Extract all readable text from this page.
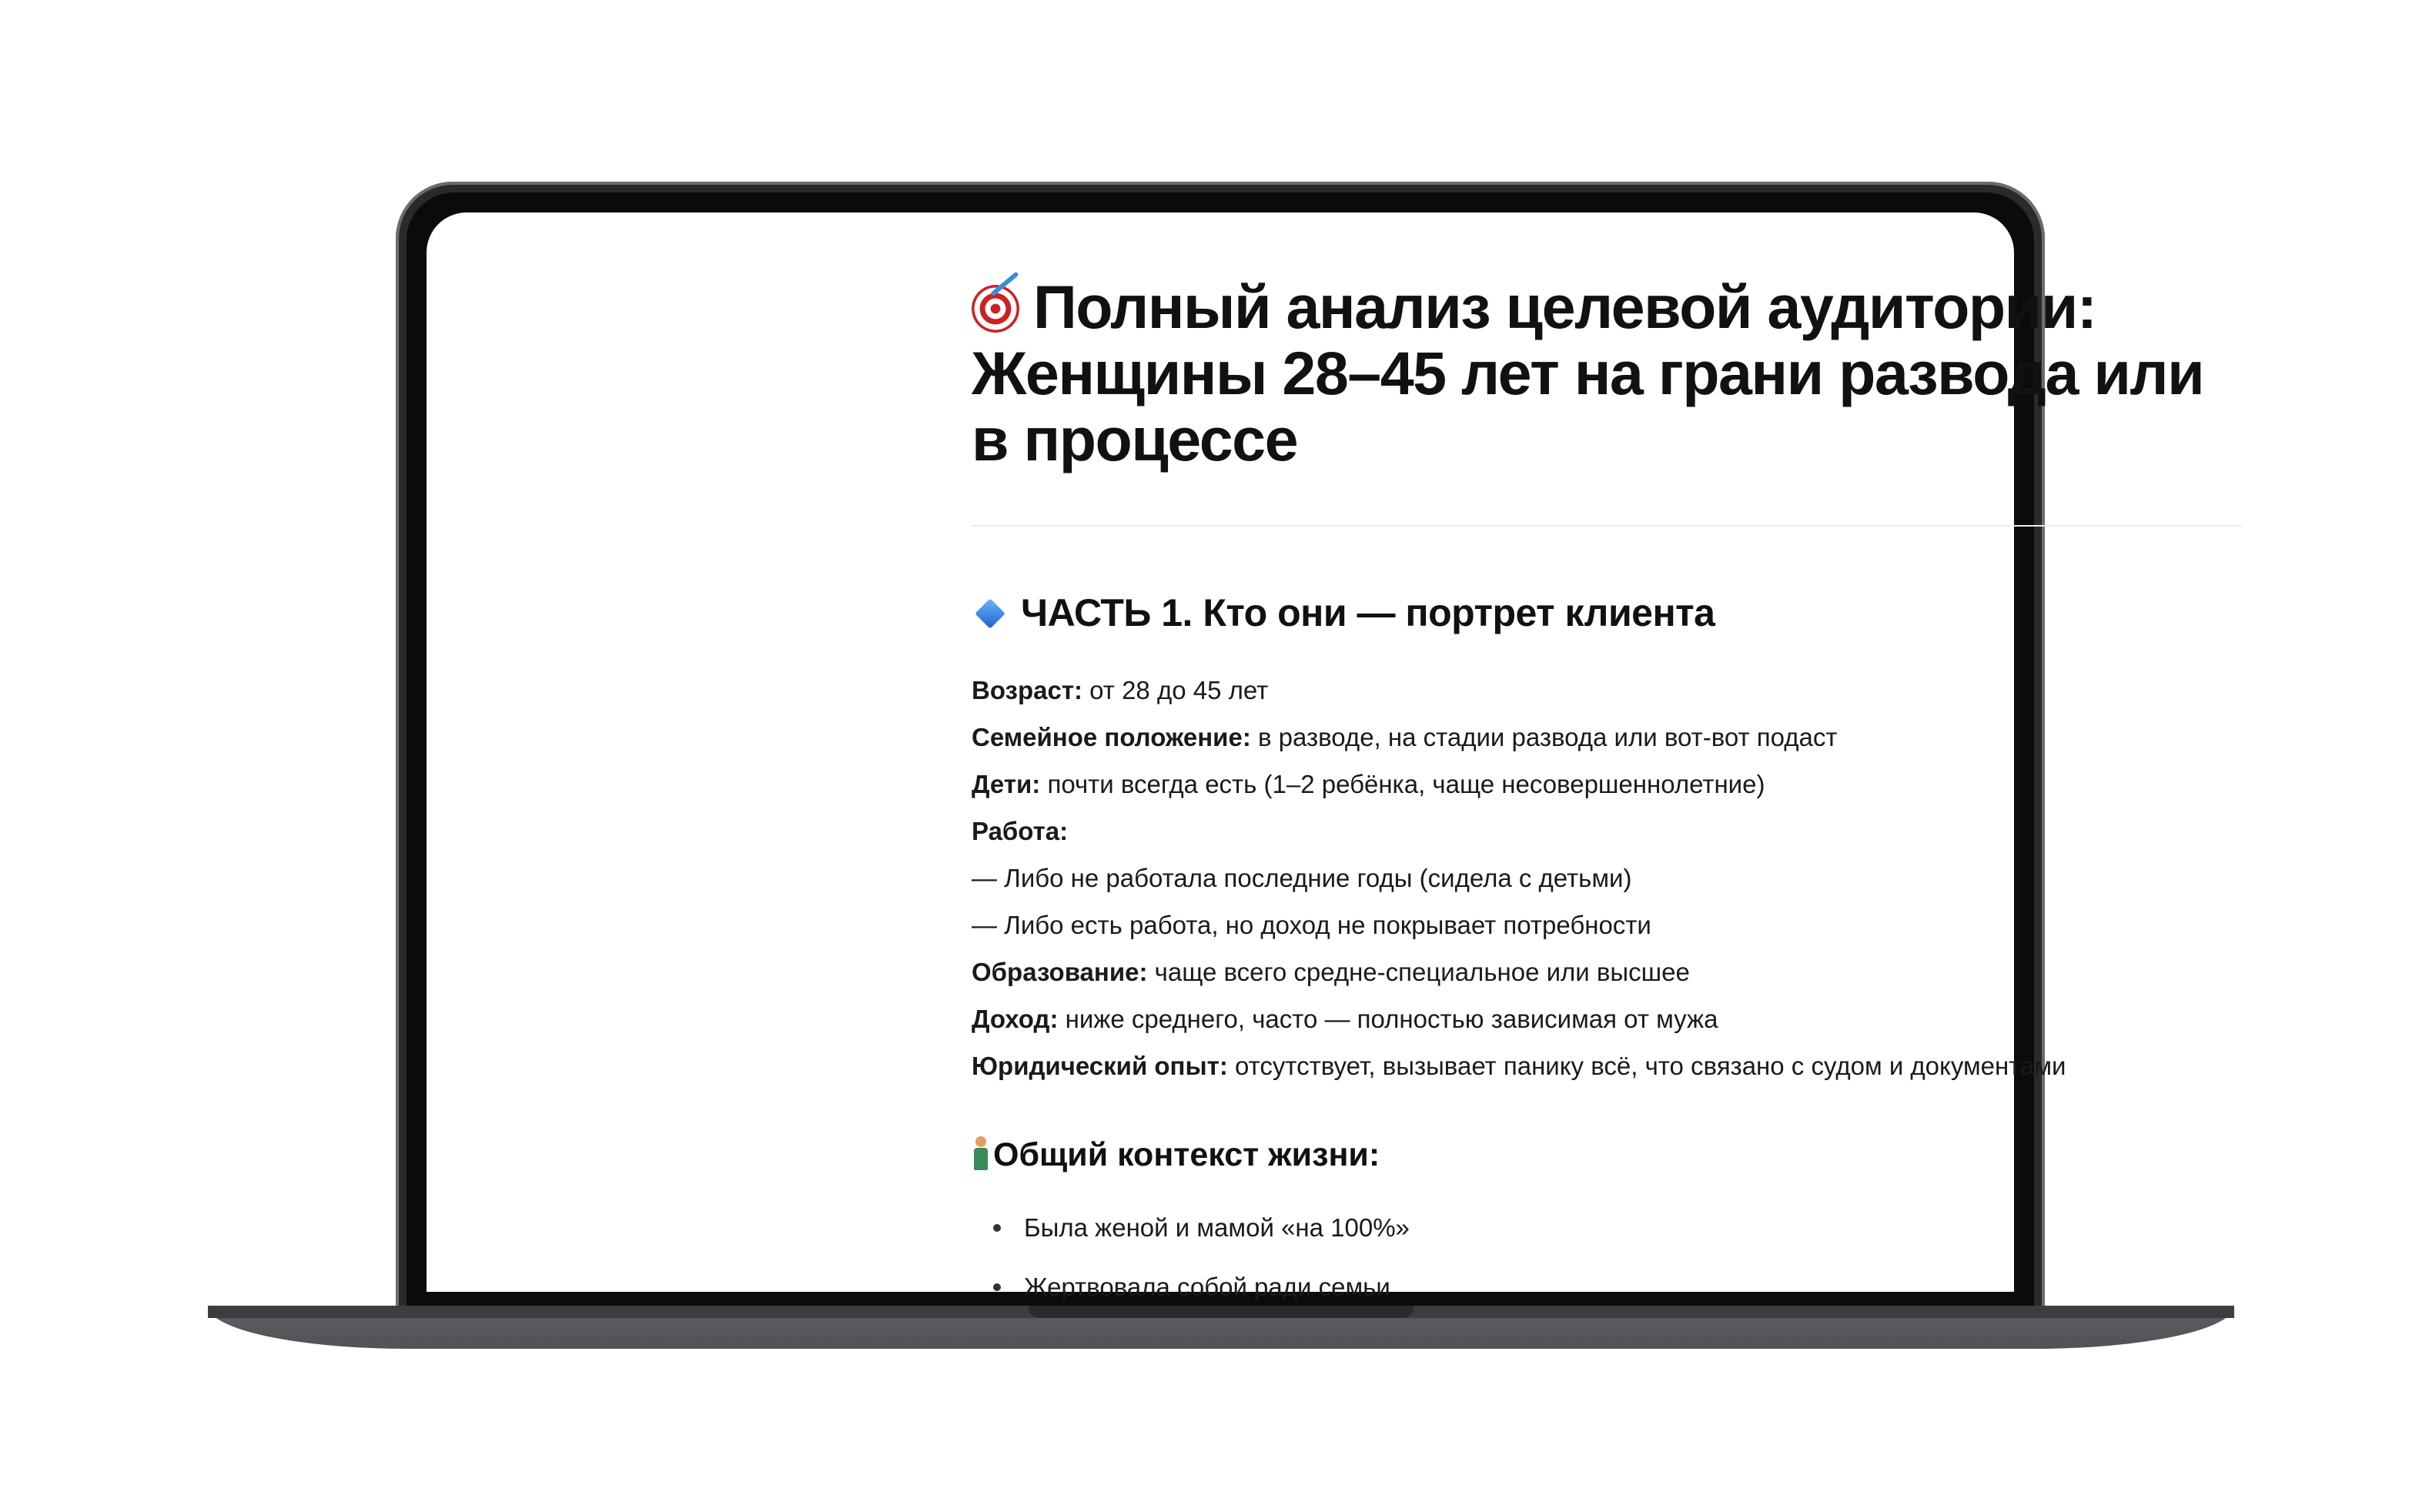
Полный анализ целевой аудитории: Женщины 28–45 лет на грани развода или в процессе
ЧАСТЬ 1. Кто они — портрет клиента
Возраст: от 28 до 45 лет
Семейное положение: в разводе, на стадии развода или вот-вот подаст
Дети: почти всегда есть (1–2 ребёнка, чаще несовершеннолетние)
Работа:
— Либо не работала последние годы (сидела с детьми)
— Либо есть работа, но доход не покрывает потребности
Образование: чаще всего средне-специальное или высшее
Доход: ниже среднего, часто — полностью зависимая от мужа
Юридический опыт: отсутствует, вызывает панику всё, что связано с судом и документами
Общий контекст жизни:
Была женой и мамой «на 100%»
Жертвовала собой ради семьи
